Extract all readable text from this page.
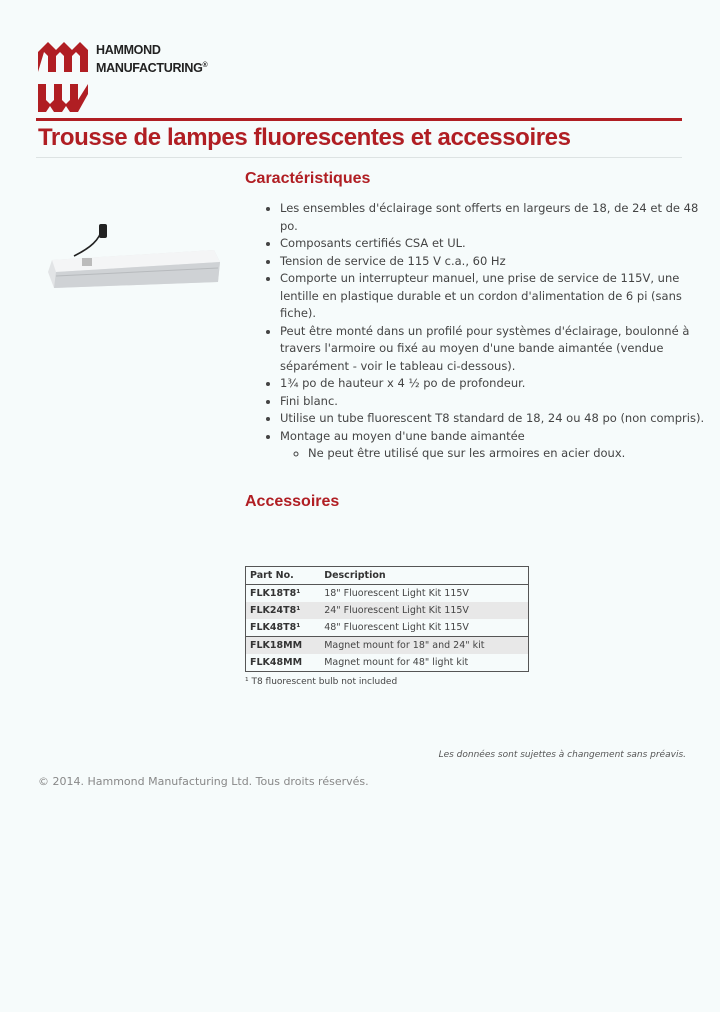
HAMMOND
MANUFACTURING®
Trousse de lampes fluorescentes et accessoires
Caractéristiques
• Les ensembles d'éclairage sont offerts en largeurs de 18, de 24 et de 48 po.
• Composants certifiés CSA et UL.
• Tension de service de 115 V c.a., 60 Hz
• Comporte un interrupteur manuel, une prise de service de 115V, une lentille en plastique durable et un cordon d'alimentation de 6 pi (sans fiche).
• Peut être monté dans un profilé pour systèmes d'éclairage, boulonné à travers l'armoire ou fixé au moyen d'une bande aimantée (vendue séparément - voir le tableau ci-dessous).
• 1¾ po de hauteur x 4 ½ po de profondeur.
• Fini blanc.
• Utilise un tube fluorescent T8 standard de 18, 24 ou 48 po (non compris).
• Montage au moyen d'une bande aimantée
◦ Ne peut être utilisé que sur les armoires en acier doux.
Accessoires
Part No.	Description
FLK18T8¹	18" Fluorescent Light Kit 115V
FLK24T8¹	24" Fluorescent Light Kit 115V
FLK48T8¹	48" Fluorescent Light Kit 115V
FLK18MM	Magnet mount for 18" and 24" kit
FLK48MM	Magnet mount for 48" light kit
¹ T8 fluorescent bulb not included
Les données sont sujettes à changement sans préavis.
© 2014. Hammond Manufacturing Ltd. Tous droits réservés.
